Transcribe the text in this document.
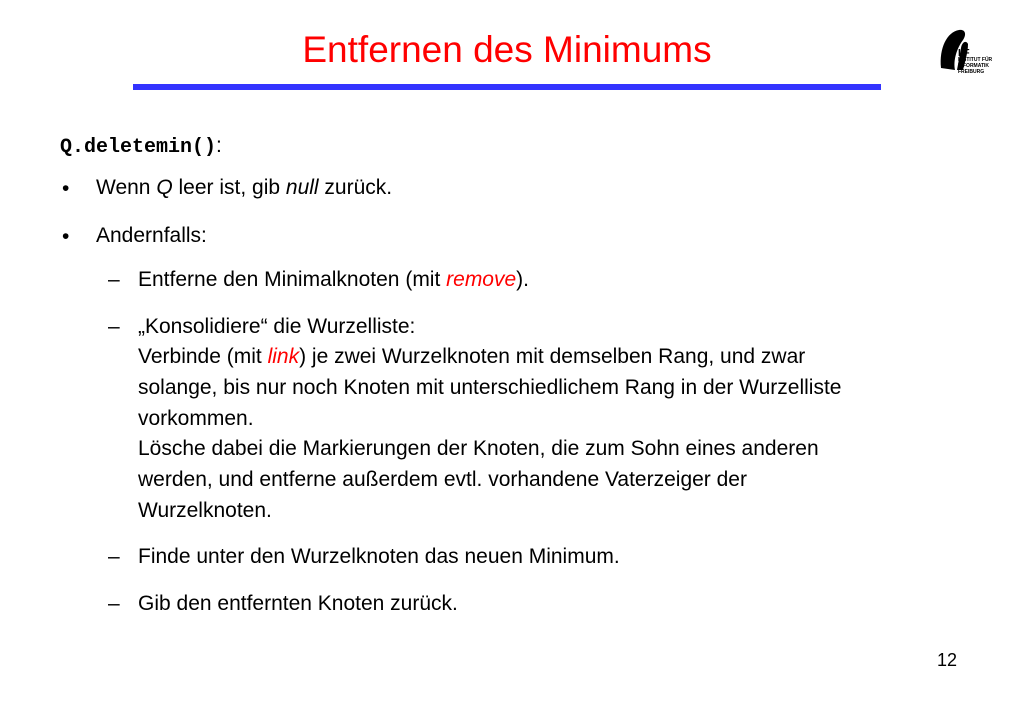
Entfernen des Minimums	IIF
INSTITUT FÜR
INFORMATIK
FREIBURG
Q.deletemin():
• Wenn Q leer ist, gib null zurück.
• Andernfalls:
– Entferne den Minimalknoten (mit remove).
– „Konsolidiere“ die Wurzelliste:
Verbinde (mit link) je zwei Wurzelknoten mit demselben Rang, und zwar
solange, bis nur noch Knoten mit unterschiedlichem Rang in der Wurzelliste
vorkommen.
Lösche dabei die Markierungen der Knoten, die zum Sohn eines anderen
werden, und entferne außerdem evtl. vorhandene Vaterzeiger der
Wurzelknoten.
– Finde unter den Wurzelknoten das neuen Minimum.
– Gib den entfernten Knoten zurück.
12
